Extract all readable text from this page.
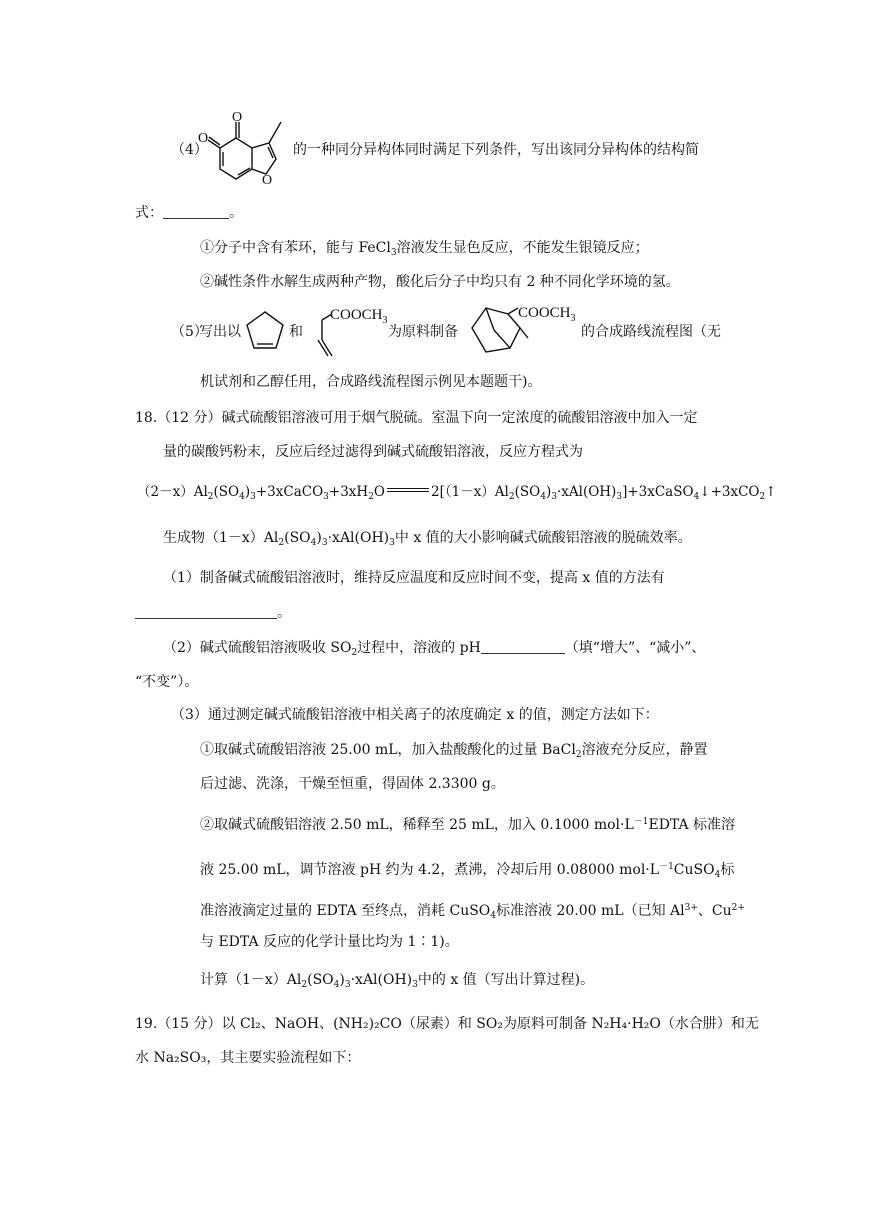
（4）
O
O
O
的一种同分异构体同时满足下列条件，写出该同分异构体的结构简
式：	。
①分子中含有苯环，能与 FeCl$_3$溶液发生显色反应，不能发生银镜反应；
②碱性条件水解生成两种产物，酸化后分子中均只有 2 种不同化学环境的氢。
（5）
写出以	和
$COOCH_3$
为原料制备
$COOCH_3$
的合成路线流程图（无
机试剂和乙醇任用，合成路线流程图示例见本题题干)。
18.（12 分）碱式硫酸铝溶液可用于烟气脱硫。室温下向一定浓度的硫酸铝溶液中加入一定
量的碳酸钙粉末，反应后经过滤得到碱式硫酸铝溶液，反应方程式为
$(2-x)Al_2(SO_4)_3+3xCaCO_3+3xH_2O$	$2[(1-x)Al_2(SO_4)_3\cdot xAl(OH)_3]+3xCaSO_4↓+3xCO_2↑$
生成物$(1-x)Al_2(SO_4)_3\cdot xAl(OH)_3$中 x 值的大小影响碱式硫酸铝溶液的脱硫效率。
（1）制备碱式硫酸铝溶液时，维持反应温度和反应时间不变，提高 x 值的方法有
。
（2）碱式硫酸铝溶液吸收 $SO_2$过程中，溶液的 pH	（填“增大”、“减小”、
“不变”）。
（3）通过测定碱式硫酸铝溶液中相关离子的浓度确定 x 的值，测定方法如下：
①取碱式硫酸铝溶液 25.00 mL，加入盐酸酸化的过量 BaCl$_2$溶液充分反应，静置
后过滤、洗涤，干燥至恒重，得固体 2.3300 g。
②取碱式硫酸铝溶液 2.50 mL，稀释至 25 mL，加入 0.1000 $mol\cdot L^{-1}EDTA$ 标准溶
液 25.00 mL，调节溶液 pH 约为 4.2，煮沸，冷却后用 0.08000 $mol\cdot L^{-1}CuSO_4$标
准溶液滴定过量的 EDTA 至终点，消耗 CuSO$_4$标准溶液 20.00 mL（已知 $Al^{3+}$、$Cu^{2+}$
与 EDTA 反应的化学计量比均为 1∶1)。
计算$(1-x)Al_2(SO_4)_3\cdot xAl(OH)_3$中的 x 值（写出计算过程)。
19.（15 分）以 Cl₂、NaOH、(NH₂)₂CO（尿素）和 SO₂为原料可制备 N₂H₄·H₂O（水合肼）和无
水 Na₂SO₃，其主要实验流程如下：
